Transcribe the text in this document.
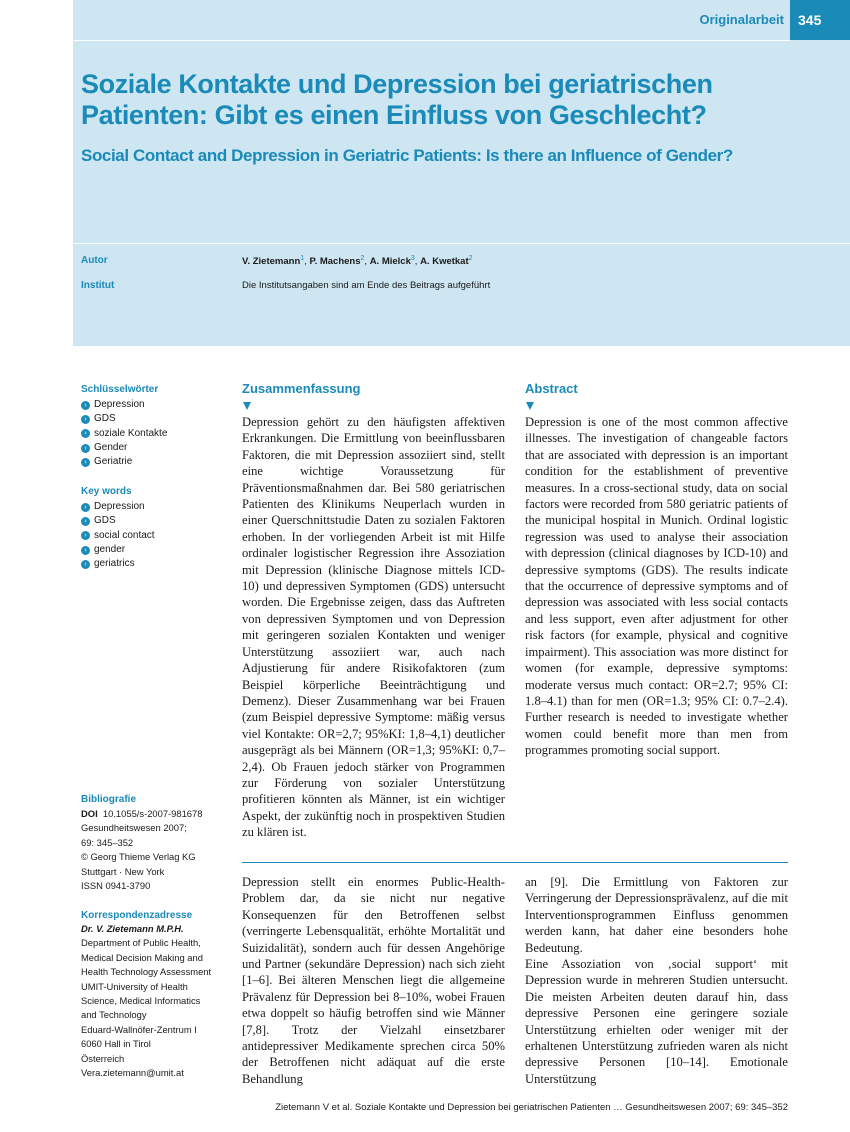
Originalarbeit	345
Soziale Kontakte und Depression bei geriatrischen Patienten: Gibt es einen Einfluss von Geschlecht?
Social Contact and Depression in Geriatric Patients: Is there an Influence of Gender?
Autor	V. Zietemann$^1$, P. Machens$^2$, A. Mielck$^3$, A. Kwetkat$^2$
Institut	Die Institutsangaben sind am Ende des Beitrags aufgeführt
Schlüsselwörter
› Depression
› GDS
› soziale Kontakte
› Gender
› Geriatrie
Key words
› Depression
› GDS
› social contact
› gender
› geriatrics
Bibliografie
DOI 10.1055/s-2007-981678
Gesundheitswesen 2007;
69: 345–352
© Georg Thieme Verlag KG
Stuttgart · New York
ISSN 0941-3790
Korrespondenzadresse
Dr. V. Zietemann M.P.H.
Department of Public Health,
Medical Decision Making and
Health Technology Assessment
UMIT-University of Health
Science, Medical Informatics
and Technology
Eduard-Wallnöfer-Zentrum I
6060 Hall in Tirol
Österreich
Vera.zietemann@umit.at
Zusammenfassung
Depression gehört zu den häufigsten affektiven Erkrankungen. Die Ermittlung von beeinflussbaren Faktoren, die mit Depression assoziiert sind, stellt eine wichtige Voraussetzung für Präventionsmaßnahmen dar. Bei 580 geriatrischen Patienten des Klinikums Neuperlach wurden in einer Querschnittstudie Daten zu sozialen Faktoren erhoben. In der vorliegenden Arbeit ist mit Hilfe ordinaler logistischer Regression ihre Assoziation mit Depression (klinische Diagnose mittels ICD-10) und depressiven Symptomen (GDS) untersucht worden. Die Ergebnisse zeigen, dass das Auftreten von depressiven Symptomen und von Depression mit geringeren sozialen Kontakten und weniger Unterstützung assoziiert war, auch nach Adjustierung für andere Risikofaktoren (zum Beispiel körperliche Beeinträchtigung und Demenz). Dieser Zusammenhang war bei Frauen (zum Beispiel depressive Symptome: mäßig versus viel Kontakte: OR=2,7; 95%KI: 1,8–4,1) deutlicher ausgeprägt als bei Männern (OR=1,3; 95%KI: 0,7–2,4). Ob Frauen jedoch stärker von Programmen zur Förderung von sozialer Unterstützung profitieren könnten als Männer, ist ein wichtiger Aspekt, der zukünftig noch in prospektiven Studien zu klären ist.
Abstract
Depression is one of the most common affective illnesses. The investigation of changeable factors that are associated with depression is an important condition for the establishment of preventive measures. In a cross-sectional study, data on social factors were recorded from 580 geriatric patients of the municipal hospital in Munich. Ordinal logistic regression was used to analyse their association with depression (clinical diagnoses by ICD-10) and depressive symptoms (GDS). The results indicate that the occurrence of depressive symptoms and of depression was associated with less social contacts and less support, even after adjustment for other risk factors (for example, physical and cognitive impairment). This association was more distinct for women (for example, depressive symptoms: moderate versus much contact: OR=2.7; 95% CI: 1.8–4.1) than for men (OR=1.3; 95% CI: 0.7–2.4). Further research is needed to investigate whether women could benefit more than men from programmes promoting social support.
Depression stellt ein enormes Public-Health-Problem dar, da sie nicht nur negative Konsequenzen für den Betroffenen selbst (verringerte Lebensqualität, erhöhte Mortalität und Suizidalität), sondern auch für dessen Angehörige und Partner (sekundäre Depression) nach sich zieht [1–6]. Bei älteren Menschen liegt die allgemeine Prävalenz für Depression bei 8–10%, wobei Frauen etwa doppelt so häufig betroffen sind wie Männer [7,8]. Trotz der Vielzahl einsetzbarer antidepressiver Medikamente sprechen circa 50% der Betroffenen nicht adäquat auf die erste Behandlung
an [9]. Die Ermittlung von Faktoren zur Verringerung der Depressionsprävalenz, auf die mit Interventionsprogrammen Einfluss genommen werden kann, hat daher eine besonders hohe Bedeutung.
Eine Assoziation von ‚social support‘ mit Depression wurde in mehreren Studien untersucht. Die meisten Arbeiten deuten darauf hin, dass depressive Personen eine geringere soziale Unterstützung erhielten oder weniger mit der erhaltenen Unterstützung zufrieden waren als nicht depressive Personen [10–14]. Emotionale Unterstützung
Zietemann V et al. Soziale Kontakte und Depression bei geriatrischen Patienten … Gesundheitswesen 2007; 69: 345–352
